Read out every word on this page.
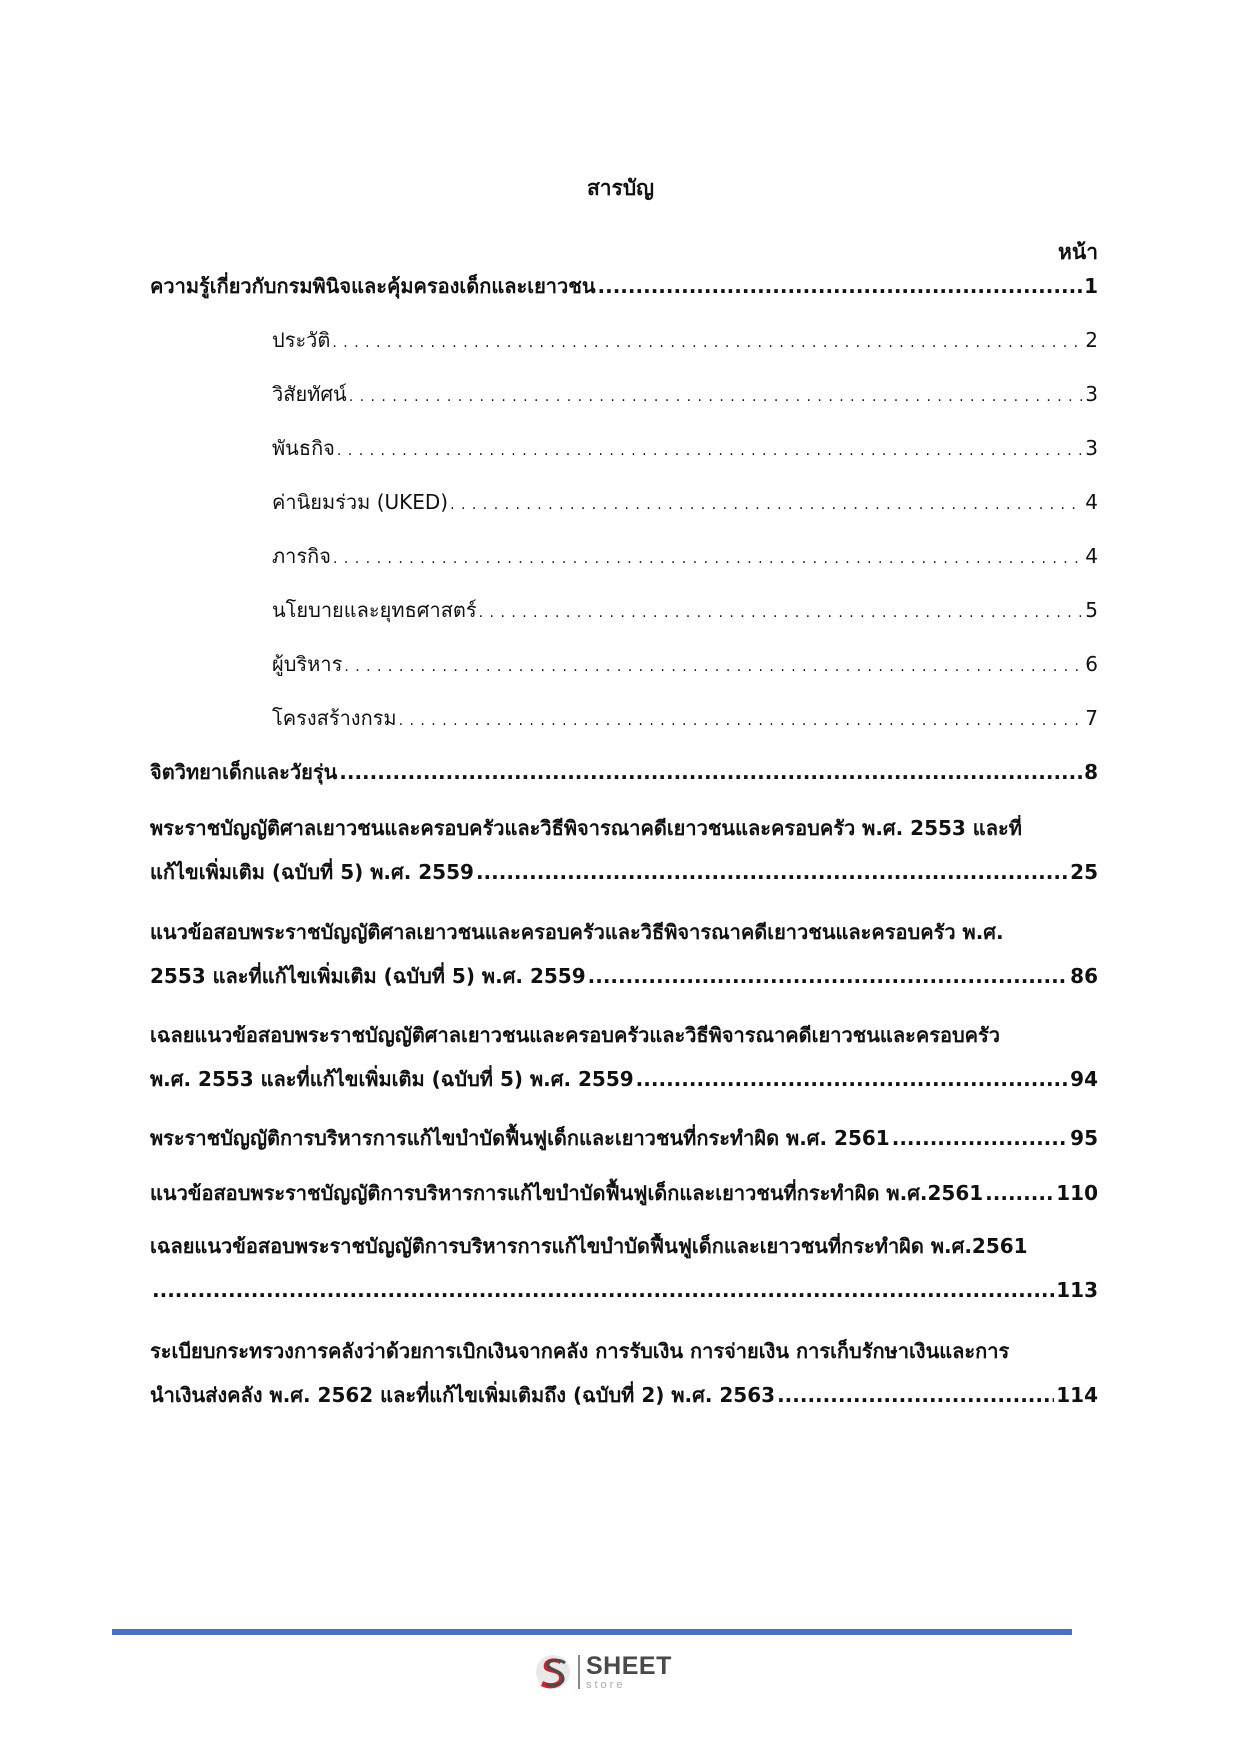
สารบัญ
หน้า
ความรู้เกี่ยวกับกรมพินิจและคุ้มครองเด็กและเยาวชน .....	1
ประวัติ . . .	2
วิสัยทัศน์ . . .	3
พันธกิจ . . .	3
ค่านิยมร่วม (UKED) . . .	4
ภารกิจ . . .	4
นโยบายและยุทธศาสตร์ . . .	5
ผู้บริหาร . . .	6
โครงสร้างกรม . . .	7
จิตวิทยาเด็กและวัยรุ่น .....	8
พระราชบัญญัติศาลเยาวชนและครอบครัวและวิธีพิจารณาคดีเยาวชนและครอบครัว พ.ศ. 2553 และที่
แก้ไขเพิ่มเติม (ฉบับที่ 5) พ.ศ. 2559 .....	25
แนวข้อสอบพระราชบัญญัติศาลเยาวชนและครอบครัวและวิธีพิจารณาคดีเยาวชนและครอบครัว พ.ศ.
2553 และที่แก้ไขเพิ่มเติม (ฉบับที่ 5) พ.ศ. 2559 .....	86
เฉลยแนวข้อสอบพระราชบัญญัติศาลเยาวชนและครอบครัวและวิธีพิจารณาคดีเยาวชนและครอบครัว
พ.ศ. 2553 และที่แก้ไขเพิ่มเติม (ฉบับที่ 5) พ.ศ. 2559 .....	94
พระราชบัญญัติการบริหารการแก้ไขบำบัดฟื้นฟูเด็กและเยาวชนที่กระทำผิด พ.ศ. 2561 .....	95
แนวข้อสอบพระราชบัญญัติการบริหารการแก้ไขบำบัดฟื้นฟูเด็กและเยาวชนที่กระทำผิด พ.ศ.2561 .....	110
เฉลยแนวข้อสอบพระราชบัญญัติการบริหารการแก้ไขบำบัดฟื้นฟูเด็กและเยาวชนที่กระทำผิด พ.ศ.2561
.....
113
ระเบียบกระทรวงการคลังว่าด้วยการเบิกเงินจากคลัง การรับเงิน การจ่ายเงิน การเก็บรักษาเงินและการ
นำเงินส่งคลัง พ.ศ. 2562 และที่แก้ไขเพิ่มเติมถึง (ฉบับที่ 2) พ.ศ. 2563 .....	114
SHEET
store
